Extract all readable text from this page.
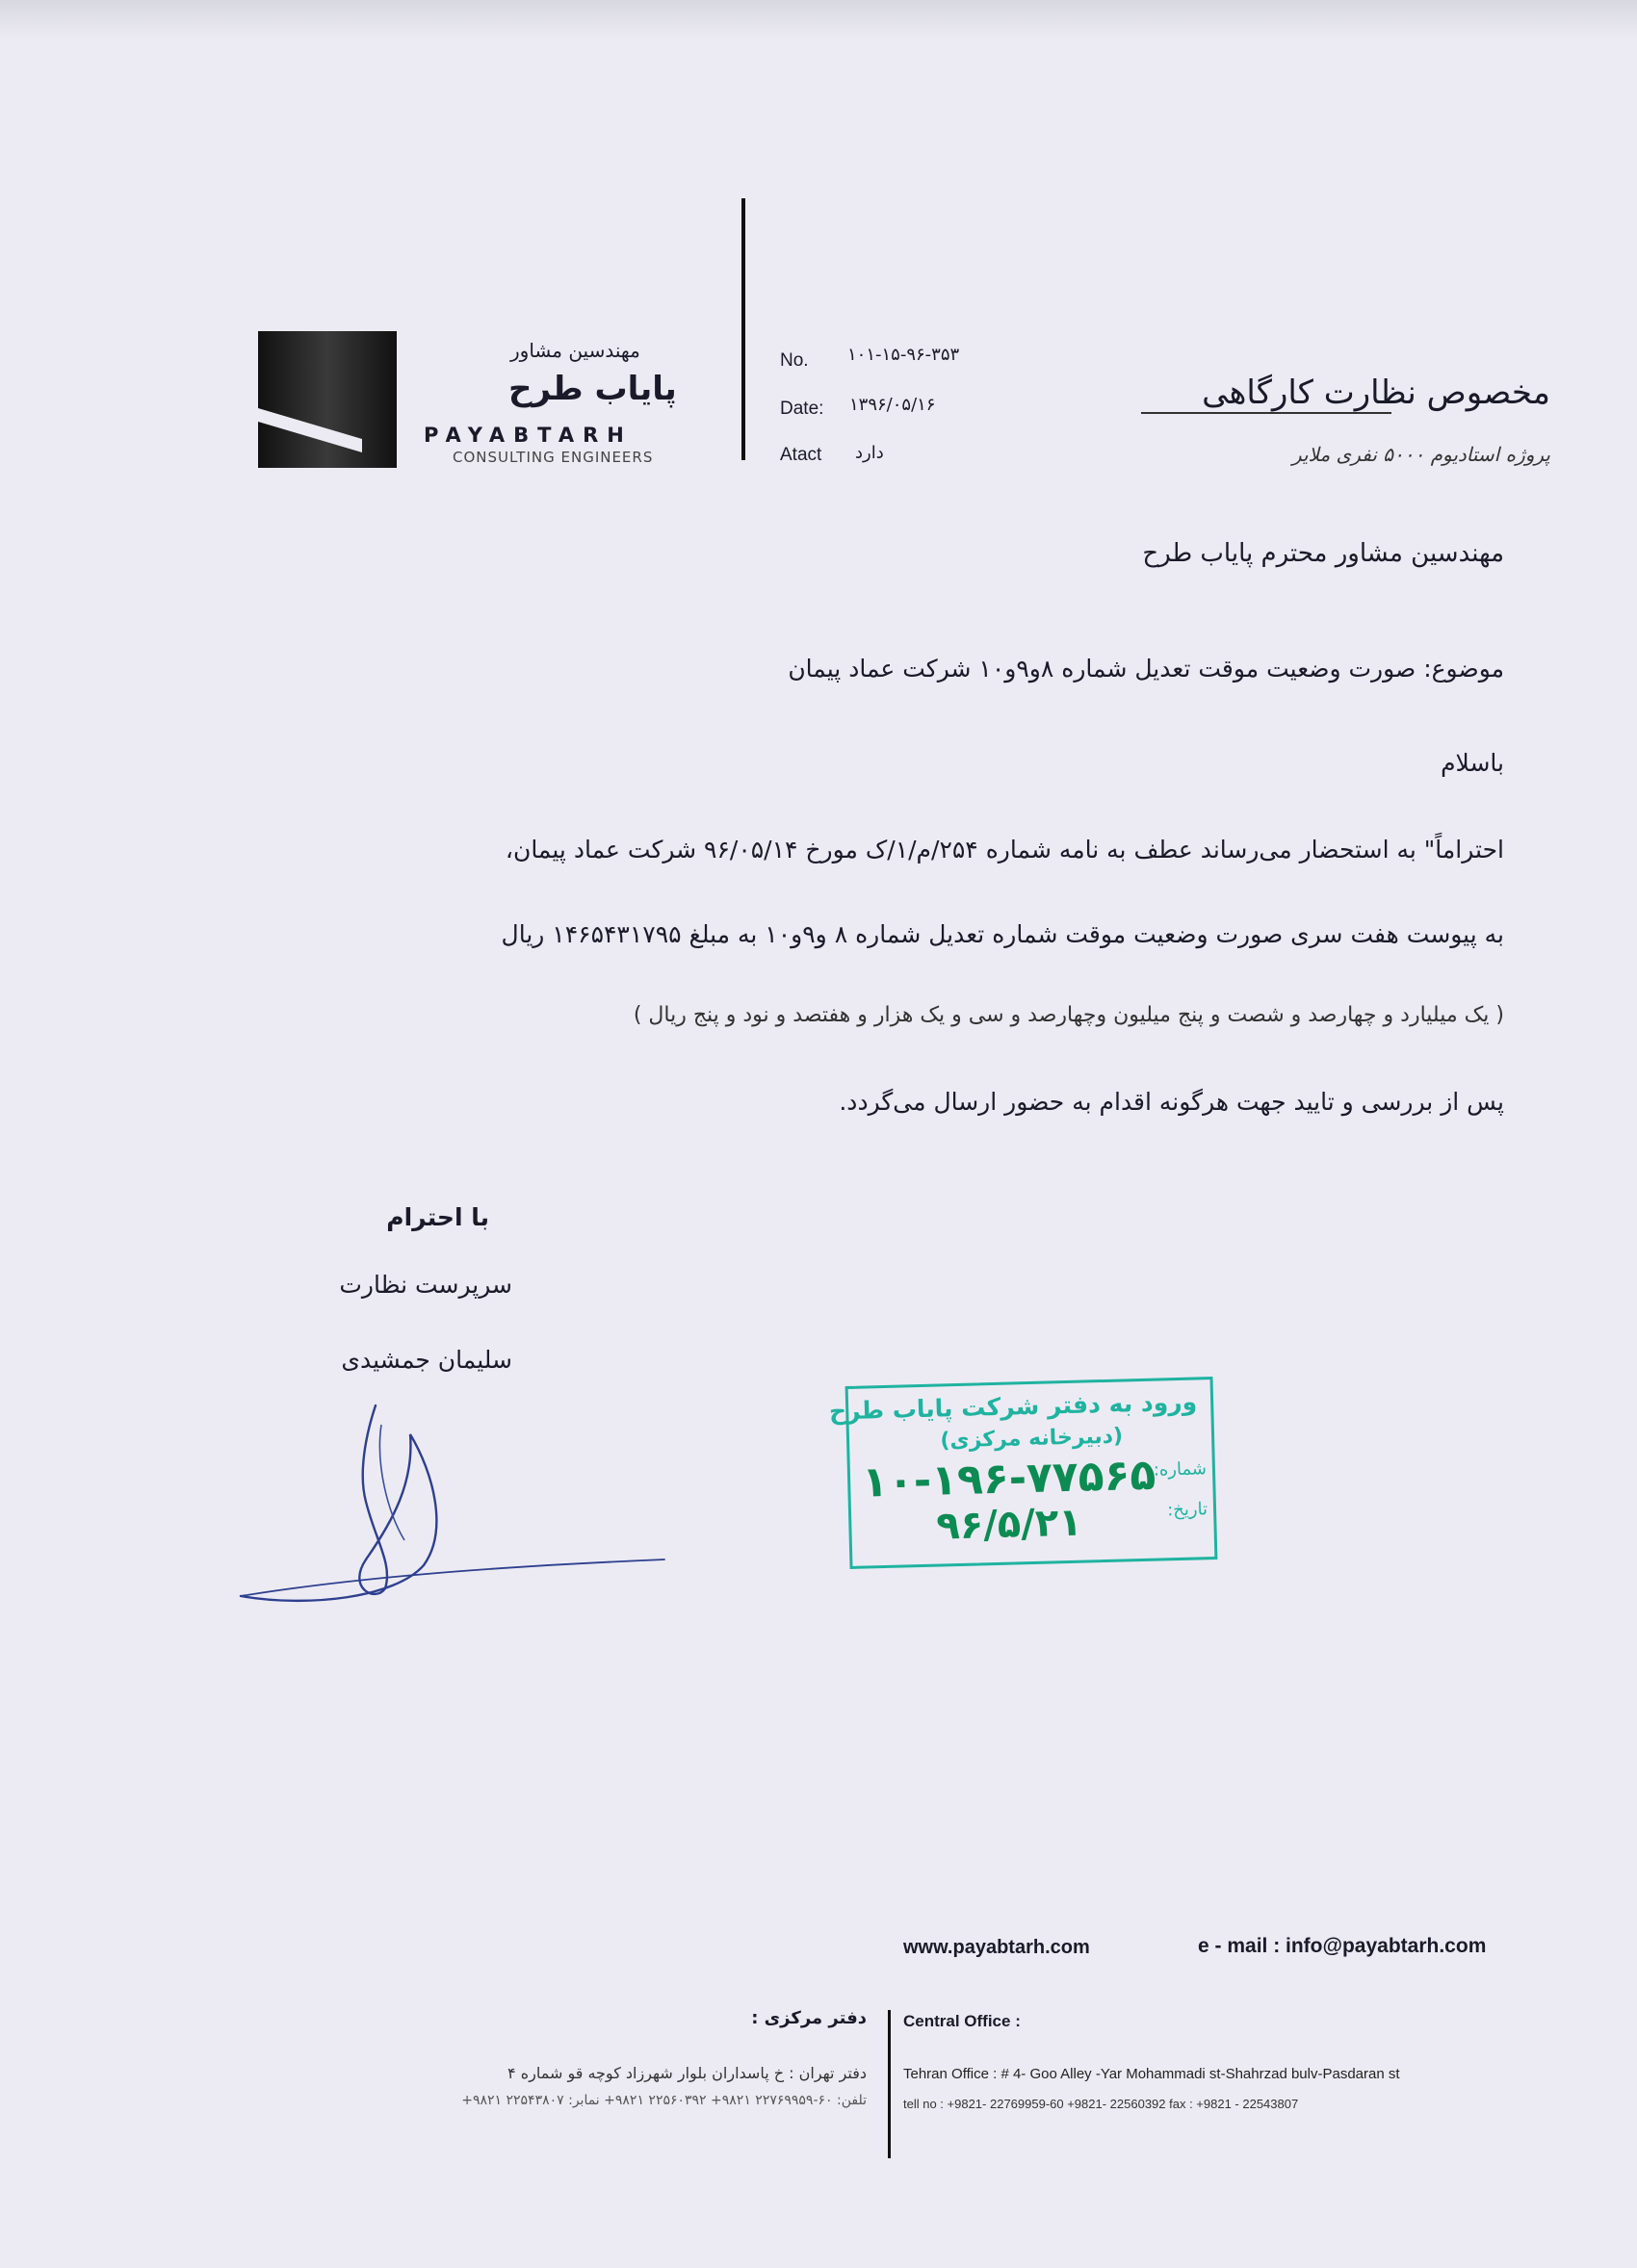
مهندسین مشاور
پایاب طرح
PAYABTARH
CONSULTING ENGINEERS
No. ۱۰۱-۱۵-۹۶-۳۵۳
Date: ۱۳۹۶/۰۵/۱۶
Atact دارد
مخصوص نظارت کارگاهی
پروژه استادیوم ۵۰۰۰ نفری ملایر
مهندسین مشاور محترم پایاب طرح
موضوع: صورت وضعیت موقت تعدیل شماره ۸و۹و۱۰ شرکت عماد پیمان
باسلام
احتراماً" به استحضار می‌رساند عطف به نامه شماره ۲۵۴/م/۱/ک مورخ ۹۶/۰۵/۱۴ شرکت عماد پیمان،
به پیوست هفت سری صورت وضعیت موقت شماره تعدیل شماره ۸ و۹و۱۰ به مبلغ ۱۴۶۵۴۳۱۷۹۵ ریال
( یک میلیارد و چهارصد و شصت و پنج میلیون وچهارصد و سی و یک هزار و هفتصد و نود و پنج ریال )
پس از بررسی و تایید جهت هرگونه اقدام به حضور ارسال می‌گردد.
با احترام
سرپرست نظارت
سلیمان جمشیدی
ورود به دفتر شرکت پایاب طرح
(دبیرخانه مرکزی)
شماره:
تاریخ:
۱۰-۱۹۶-۷۷۵۶۵
۹۶/۵/۲۱
www.payabtarh.com	e - mail : info@payabtarh.com
دفتر مرکزی : Central Office :
دفتر تهران : خ پاسداران بلوار شهرزاد کوچه قو شماره ۴
تلفن: ۶۰-۲۲۷۶۹۹۵۹ ۹۸۲۱+ ۲۲۵۶۰۳۹۲ ۹۸۲۱+ نمابر: ۲۲۵۴۳۸۰۷ ۹۸۲۱+
Tehran Office : # 4- Goo Alley -Yar Mohammadi st-Shahrzad bulv-Pasdaran st
tell no : +9821- 22769959-60 +9821- 22560392 fax : +9821 - 22543807
